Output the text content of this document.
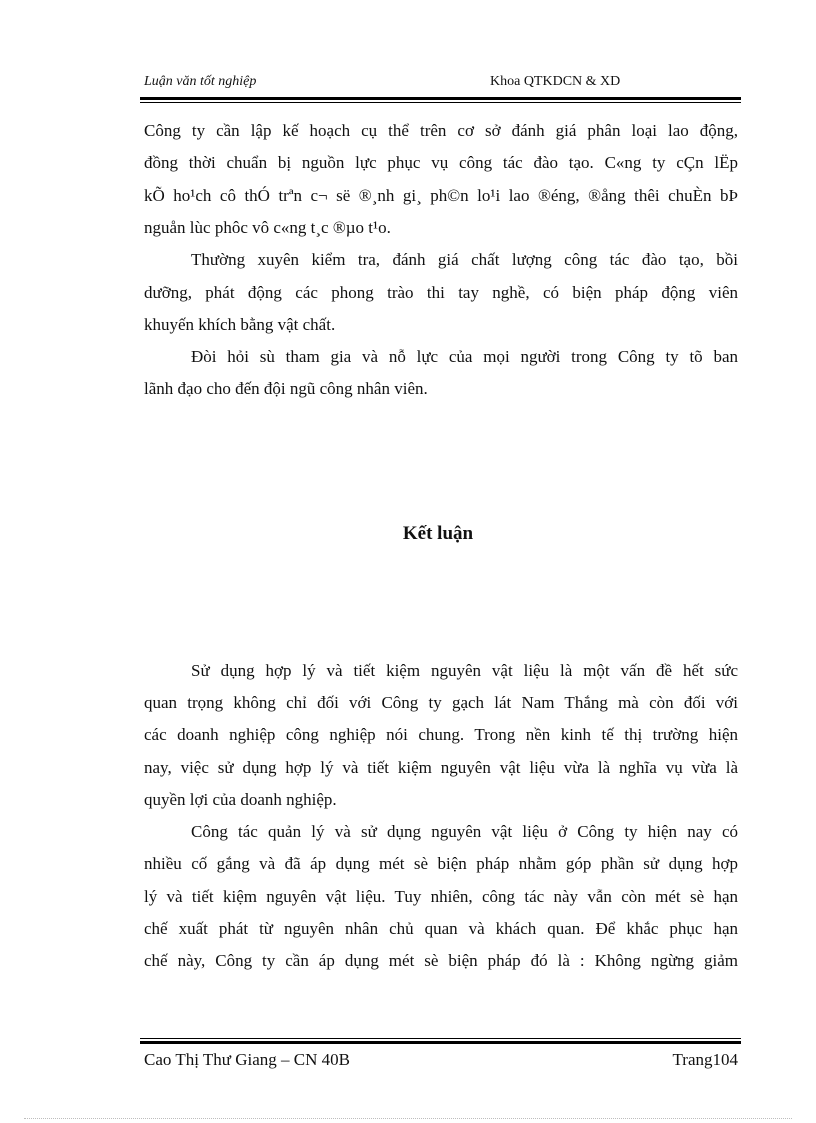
Luận văn tốt nghiệp	Khoa QTKDCN & XD
Công ty cần lập kế hoạch cụ thể trên cơ sở đánh giá phân loại lao động,
đồng thời chuẩn bị nguồn lực phục vụ công tác đào tạo. C«ng ty cÇn lËp
kÕ ho¹ch cô thÓ trªn c¬ së ®¸nh gi¸ ph©n lo¹i lao ®éng, ®ång thêi chuÈn bÞ
nguån lùc phôc vô c«ng t¸c ®µo t¹o.
Thường xuyên kiểm tra, đánh giá chất lượng công tác đào tạo, bồi
dưỡng, phát động các phong trào thi tay nghề, có biện pháp động viên
khuyến khích bằng vật chất.
Đòi hỏi sù tham gia và nỗ lực của mọi người trong Công ty tõ ban
lãnh đạo cho đến đội ngũ công nhân viên.
Kết luận
Sử dụng hợp lý và tiết kiệm nguyên vật liệu là một vấn đề hết sức
quan trọng không chỉ đối với Công ty gạch lát Nam Thắng mà còn đối với
các doanh nghiệp công nghiệp nói chung. Trong nền kinh tế thị trường hiện
nay, việc sử dụng hợp lý và tiết kiệm nguyên vật liệu vừa là nghĩa vụ vừa là
quyền lợi của doanh nghiệp.
Công tác quản lý và sử dụng nguyên vật liệu ở Công ty hiện nay có
nhiều cố gắng và đã áp dụng mét sè biện pháp nhằm góp phần sử dụng hợp
lý và tiết kiệm nguyên vật liệu. Tuy nhiên, công tác này vẫn còn mét sè hạn
chế xuất phát từ nguyên nhân chủ quan và khách quan. Để khắc phục hạn
chế này, Công ty cần áp dụng mét sè biện pháp đó là : Không ngừng giảm
Cao Thị Thư Giang – CN 40B	Trang104
